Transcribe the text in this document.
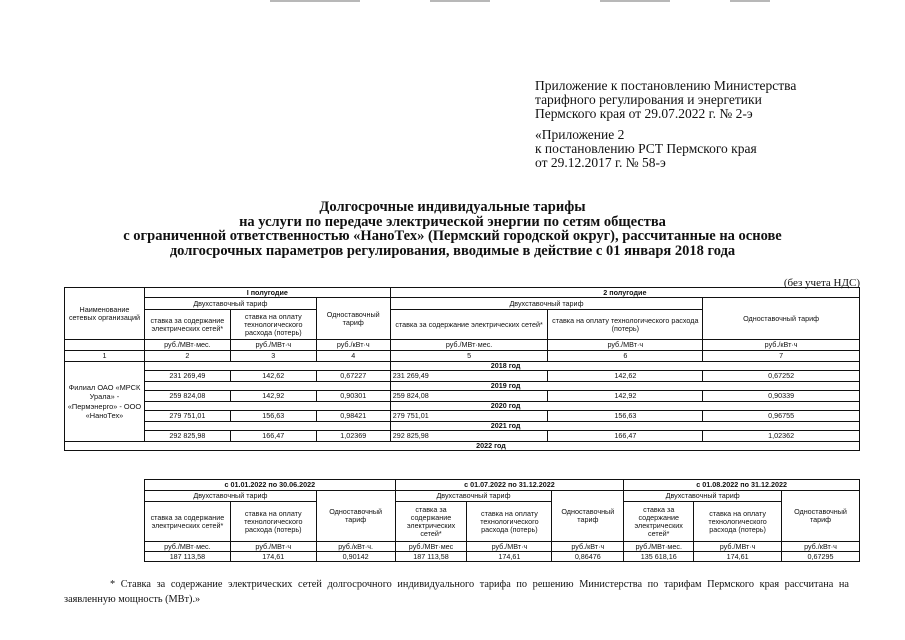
Приложение к постановлению Министерства
тарифного регулирования и энергетики
Пермского края от 29.07.2022 г. № 2-э
«Приложение 2
к постановлению РСТ Пермского края
от 29.12.2017 г. № 58-э
Долгосрочные индивидуальные тарифы
на услуги по передаче электрической энергии по сетям общества
с ограниченной ответственностью «НаноТех» (Пермский городской округ), рассчитанные на основе
долгосрочных параметров регулирования, вводимые в действие с 01 января 2018 года
(без учета НДС)
Наименование сетевых организаций	I полугодие			2 полугодие		
	Двухставочный тариф		Одноставочный тариф	Двухставочный тариф		Одноставочный тариф
	ставка за содержание электрических сетей*	ставка на оплату технологического расхода (потерь)		ставка за содержание электрических сетей*	ставка на оплату технологического расхода (потерь)	
	руб./МВт·мес.	руб./МВт·ч	руб./кВт·ч	руб./МВт·мес.	руб./МВт·ч	руб./кВт·ч
1	2	3	4	5	6	7
Филиал ОАО «МРСК Урала» - «Пермэнерго» - ООО «НаноТех»				2018 год		
	231 269,49	142,62	0,67227	231 269,49	142,62	0,67252
				2019 год		
	259 824,08	142,92	0,90301	259 824,08	142,92	0,90339
				2020 год		
	279 751,01	156,63	0,98421	279 751,01	156,63	0,96755
				2021 год		
	292 825,98	166,47	1,02369	292 825,98	166,47	1,02362
2022 год						
с 01.01.2022 по 30.06.2022			с 01.07.2022 по 31.12.2022			с 01.08.2022 по 31.12.2022		
Двухставочный тариф		Одноставочный тариф	Двухставочный тариф		Одноставочный тариф	Двухставочный тариф		Одноставочный тариф
ставка за содержание электрических сетей*	ставка на оплату технологического расхода (потерь)		ставка за содержание электрических сетей*	ставка на оплату технологического расхода (потерь)		ставка за содержание электрических сетей*	ставка на оплату технологического расхода (потерь)	
руб./МВт·мес.	руб./МВт·ч	руб./кВт·ч.	руб./МВт·мес	руб./МВт·ч	руб./кВт·ч	руб./МВт·мес.	руб./МВт·ч	руб./кВт·ч
187 113,58	174,61	0,90142	187 113,58	174,61	0,86476	135 618,16	174,61	0,67295
* Ставка за содержание электрических сетей долгосрочного индивидуального тарифа по решению Министерства по тарифам Пермского края рассчитана на заявленную мощность (МВт).»
